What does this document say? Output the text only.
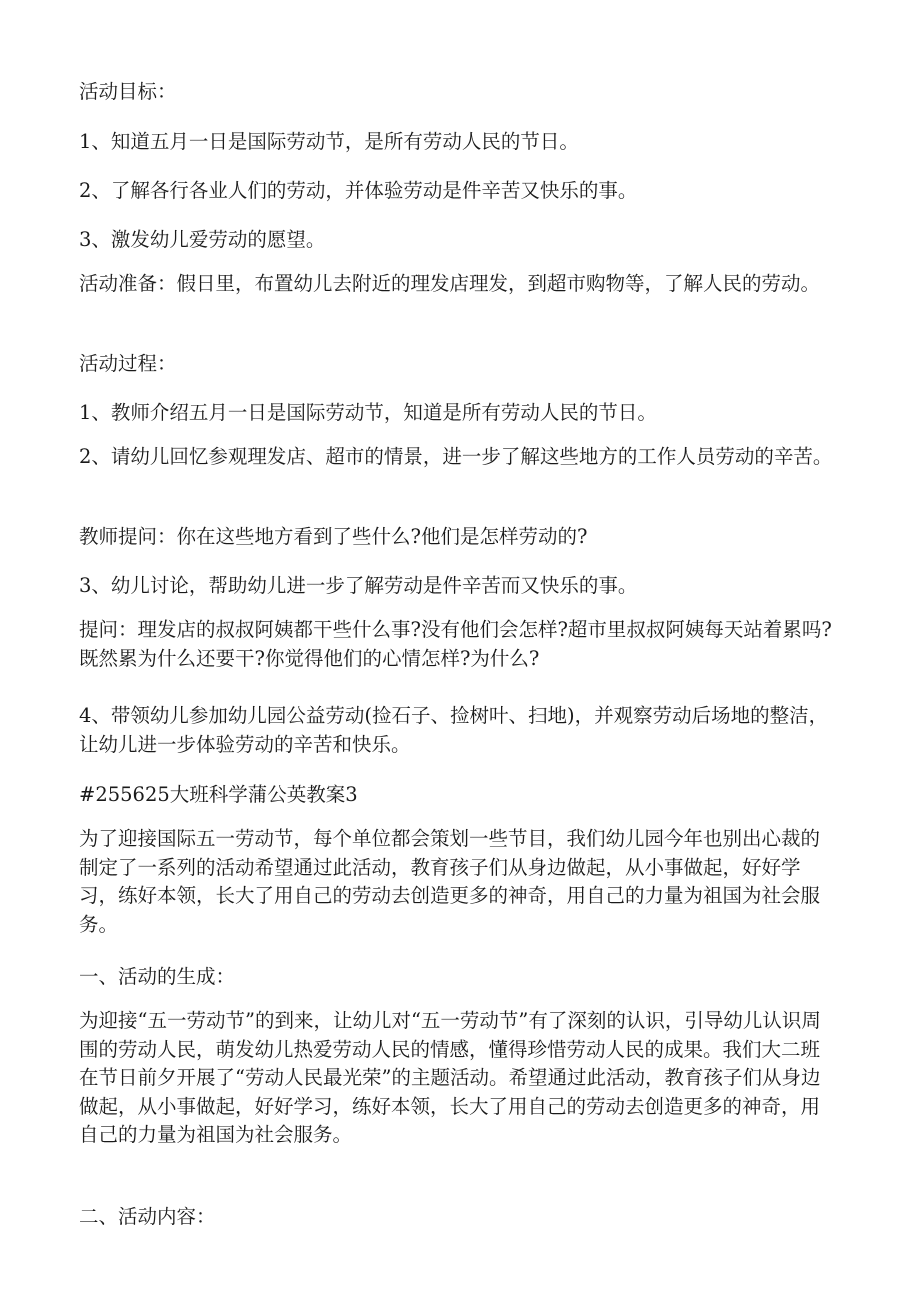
活动目标：

1、知道五月一日是国际劳动节，是所有劳动人民的节日。

2、了解各行各业人们的劳动，并体验劳动是件辛苦又快乐的事。

3、激发幼儿爱劳动的愿望。

活动准备：假日里，布置幼儿去附近的理发店理发，到超市购物等，了解人民的劳动。

活动过程：

1、教师介绍五月一日是国际劳动节，知道是所有劳动人民的节日。

2、请幼儿回忆参观理发店、超市的情景，进一步了解这些地方的工作人员劳动的辛苦。

教师提问：你在这些地方看到了些什么?他们是怎样劳动的?

3、幼儿讨论，帮助幼儿进一步了解劳动是件辛苦而又快乐的事。

提问：理发店的叔叔阿姨都干些什么事?没有他们会怎样?超市里叔叔阿姨每天站着累吗?既然累为什么还要干?你觉得他们的心情怎样?为什么?

4、带领幼儿参加幼儿园公益劳动(捡石子、捡树叶、扫地)，并观察劳动后场地的整洁，让幼儿进一步体验劳动的辛苦和快乐。

#255625大班科学蒲公英教案3

为了迎接国际五一劳动节，每个单位都会策划一些节目，我们幼儿园今年也别出心裁的制定了一系列的活动希望通过此活动，教育孩子们从身边做起，从小事做起，好好学习，练好本领，长大了用自己的劳动去创造更多的神奇，用自己的力量为祖国为社会服务。

一、活动的生成：

为迎接“五一劳动节”的到来，让幼儿对“五一劳动节”有了深刻的认识，引导幼儿认识周围的劳动人民，萌发幼儿热爱劳动人民的情感，懂得珍惜劳动人民的成果。我们大二班在节日前夕开展了“劳动人民最光荣”的主题活动。希望通过此活动，教育孩子们从身边做起，从小事做起，好好学习，练好本领，长大了用自己的劳动去创造更多的神奇，用自己的力量为祖国为社会服务。

二、活动内容：
